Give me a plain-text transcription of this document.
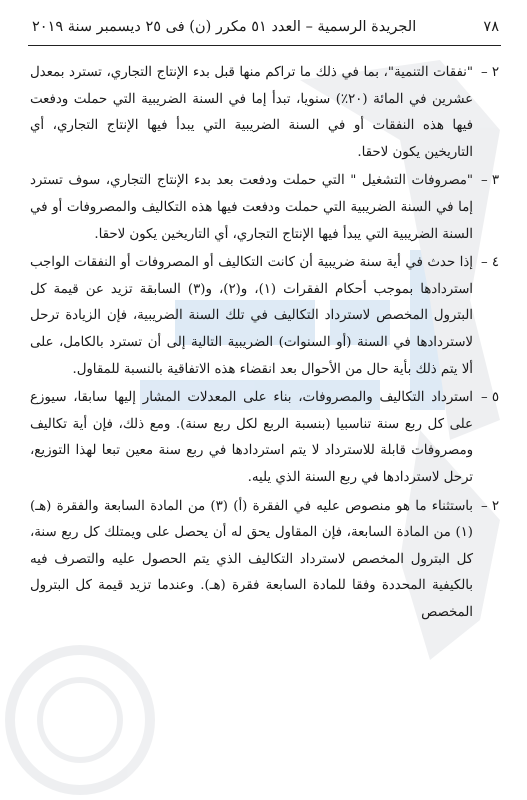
٧٨
الجريدة الرسمية – العدد ٥١ مكرر (ن) فى ٢٥ ديسمبر سنة ٢٠١٩

٢ –
"نفقات التنمية"، بما في ذلك ما تراكم منها قبل بدء الإنتاج التجاري، تسترد بمعدل عشرين في المائة (٢٠٪) سنويا، تبدأ إما في السنة الضريبية التي حملت ودفعت فيها هذه النفقات أو في السنة الضريبية التي يبدأ فيها الإنتاج التجاري، أي التاريخين يكون لاحقا.

٣ –
"مصروفات التشغيل " التي حملت ودفعت بعد بدء الإنتاج التجاري، سوف تسترد إما في السنة الضريبية التي حملت ودفعت فيها هذه التكاليف والمصروفات أو في السنة الضريبية التي يبدأ فيها الإنتاج التجاري، أي التاريخين يكون لاحقا.

٤ –
إذا حدث في أية سنة ضريبية أن كانت التكاليف أو المصروفات أو النفقات الواجب استردادها بموجب أحكام الفقرات (١)، و(٢)، و(٣) السابقة تزيد عن قيمة كل البترول المخصص لاسترداد التكاليف في تلك السنة الضريبية، فإن الزيادة ترحل لاستردادها في السنة (أو السنوات) الضريبية التالية إلى أن تسترد بالكامل، على ألا يتم ذلك بأية حال من الأحوال بعد انقضاء هذه الاتفاقية بالنسبة للمقاول.

٥ –
استرداد التكاليف والمصروفات، بناء على المعدلات المشار إليها سابقا، سيوزع على كل ربع سنة تناسبيا (بنسبة الربع لكل ربع سنة). ومع ذلك، فإن أية تكاليف ومصروفات قابلة للاسترداد لا يتم استردادها في ربع سنة معين تبعا لهذا التوزيع، ترحل لاستردادها في ربع السنة الذي يليه.

٢ –
باستثناء ما هو منصوص عليه في الفقرة (أ) (٣) من المادة السابعة والفقرة (هـ) (١) من المادة السابعة، فإن المقاول يحق له أن يحصل على ويمتلك كل ربع سنة، كل البترول المخصص لاسترداد التكاليف الذي يتم الحصول عليه والتصرف فيه بالكيفية المحددة وفقا للمادة السابعة فقرة (هـ). وعندما تزيد قيمة كل البترول المخصص
